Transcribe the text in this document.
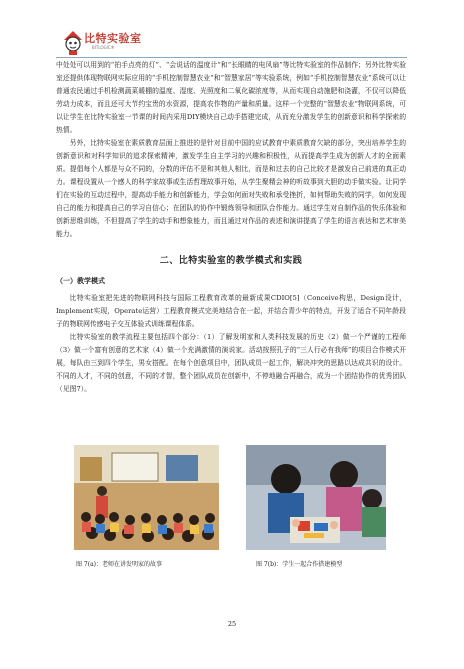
比特实验室
BITLOGIC®

中处处可以用到的“拍手点亮的灯”、“会说话的温度计”和“长眼睛的电风扇”等比特实验室的作品制作；另外比特实验室还提供体现物联网实际应用的“手机控制智慧农业”和“智慧家居”等实验系统，例如“手机控制智慧农业”系统可以让普通农民通过手机检测蔬菜暖棚的温度、湿度、光照度和二氧化碳浓度等，从而实现自动施肥和浇灌，不仅可以降低劳动力成本，而且还可大节约宝贵的水资源，提高农作物的产量和质量。这样一个完整的“智慧农业”物联网系统，可以让学生在比特实验室一节课的时间内采用DIY模块自己动手搭建完成，从而充分激发学生的创新意识和科学探索的热情。

另外，比特实验室在素质教育层面上推进的是针对目前中国的应试教育中素质教育欠缺的部分，突出培养学生的创新意识和对科学知识的追求探索精神，激发学生自主学习的兴趣和积极性，从而提高学生成为创新人才的全面素质。提倡每个人都是与众不同的，分数的评估不是和其他人相比，而是和过去的自己比较才是激发自己前进的真正动力。课程设置从一个感人的科学家故事或生活哲理故事开始，从学生聚精会神的听故事到大胆的动手做实验。让同学们在实验的互动过程中，提高动手能力和创新能力，学会如何面对失败和承受挫折，如何帮助失败的同学，如何发现自己的能力和提高自己的学习自信心；在团队的协作中锻炼领导和团队合作能力。通过学生对自制作品的快乐体验和创新思维训练，不但提高了学生的动手和想象能力，而且通过对作品的表述和演讲提高了学生的语言表达和艺术审美能力。

二、比特实验室的教学模式和实践
（一）教学模式

比特实验室把先进的物联网科技与国际工程教育改革的最新成果CDIO[5]（Conceive构思，Design设计，Implement实现，Operate运营）工程教育模式完美地结合在一起，并结合青少年的特点，开发了适合不同年龄段子的物联网传感电子交互体验式训练课程体系。

比特实验室的教学流程主要包括四个部分：（1）了解发明家和人类科技发展的历史（2）做一个严谨的工程师（3）做一个富有创意的艺术家（4）做一个充满激情的演说家。活动按照孔子的“三人行必有我师”的项目合作模式开展，每队由三到四个学生，男女搭配。在每个创意项目中，团队成员一起工作，解决冲突的思路以达成共识的设计。不同的人才，不同的创意，不同的才智，整个团队成员在创新中，不停地融合再融合，成为一个团结协作的优秀团队（见图7）。

图 7(a)：老师在讲发明家的故事	图 7(b)：学生一起合作搭建模型
25
